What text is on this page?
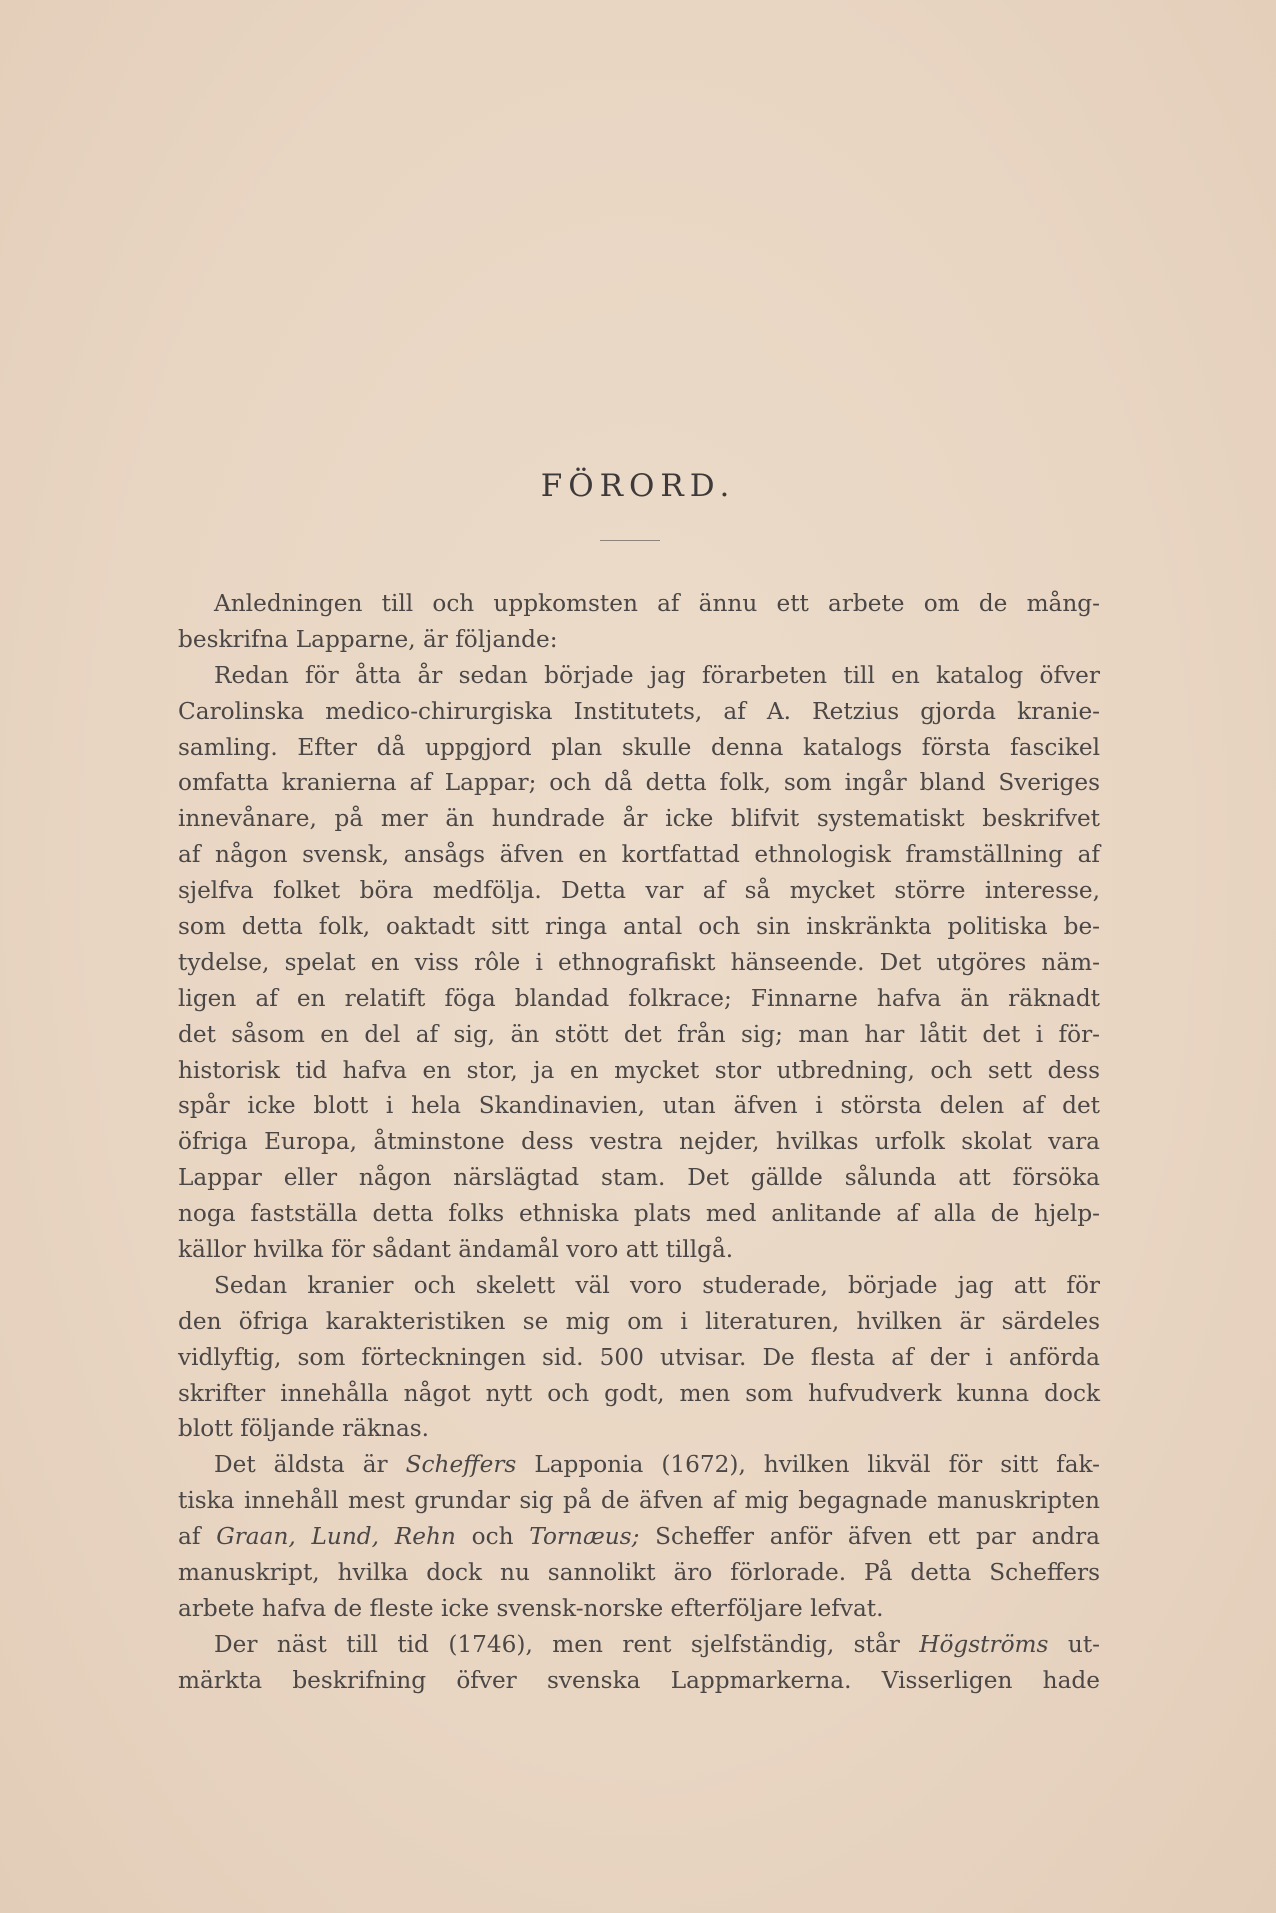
FÖRORD.
Anledningen till och uppkomsten af ännu ett arbete om de mång-
beskrifna Lapparne, är följande:
Redan för åtta år sedan började jag förarbeten till en katalog öfver
Carolinska medico-chirurgiska Institutets, af A. Retzius gjorda kranie-
samling. Efter då uppgjord plan skulle denna katalogs första fascikel
omfatta kranierna af Lappar; och då detta folk, som ingår bland Sveriges
innevånare, på mer än hundrade år icke blifvit systematiskt beskrifvet
af någon svensk, ansågs äfven en kortfattad ethnologisk framställning af
sjelfva folket böra medfölja. Detta var af så mycket större interesse,
som detta folk, oaktadt sitt ringa antal och sin inskränkta politiska be-
tydelse, spelat en viss rôle i ethnografiskt hänseende. Det utgöres näm-
ligen af en relatift föga blandad folkrace; Finnarne hafva än räknadt
det såsom en del af sig, än stött det från sig; man har låtit det i för-
historisk tid hafva en stor, ja en mycket stor utbredning, och sett dess
spår icke blott i hela Skandinavien, utan äfven i största delen af det
öfriga Europa, åtminstone dess vestra nejder, hvilkas urfolk skolat vara
Lappar eller någon närslägtad stam. Det gällde sålunda att försöka
noga fastställa detta folks ethniska plats med anlitande af alla de hjelp-
källor hvilka för sådant ändamål voro att tillgå.
Sedan kranier och skelett väl voro studerade, började jag att för
den öfriga karakteristiken se mig om i literaturen, hvilken är särdeles
vidlyftig, som förteckningen sid. 500 utvisar. De flesta af der i anförda
skrifter innehålla något nytt och godt, men som hufvudverk kunna dock
blott följande räknas.
Det äldsta är Scheffers Lapponia (1672), hvilken likväl för sitt fak-
tiska innehåll mest grundar sig på de äfven af mig begagnade manuskripten
af Graan, Lund, Rehn och Tornæus; Scheffer anför äfven ett par andra
manuskript, hvilka dock nu sannolikt äro förlorade. På detta Scheffers
arbete hafva de fleste icke svensk-norske efterföljare lefvat.
Der näst till tid (1746), men rent sjelfständig, står Högströms ut-
märkta beskrifning öfver svenska Lappmarkerna. Visserligen hade
